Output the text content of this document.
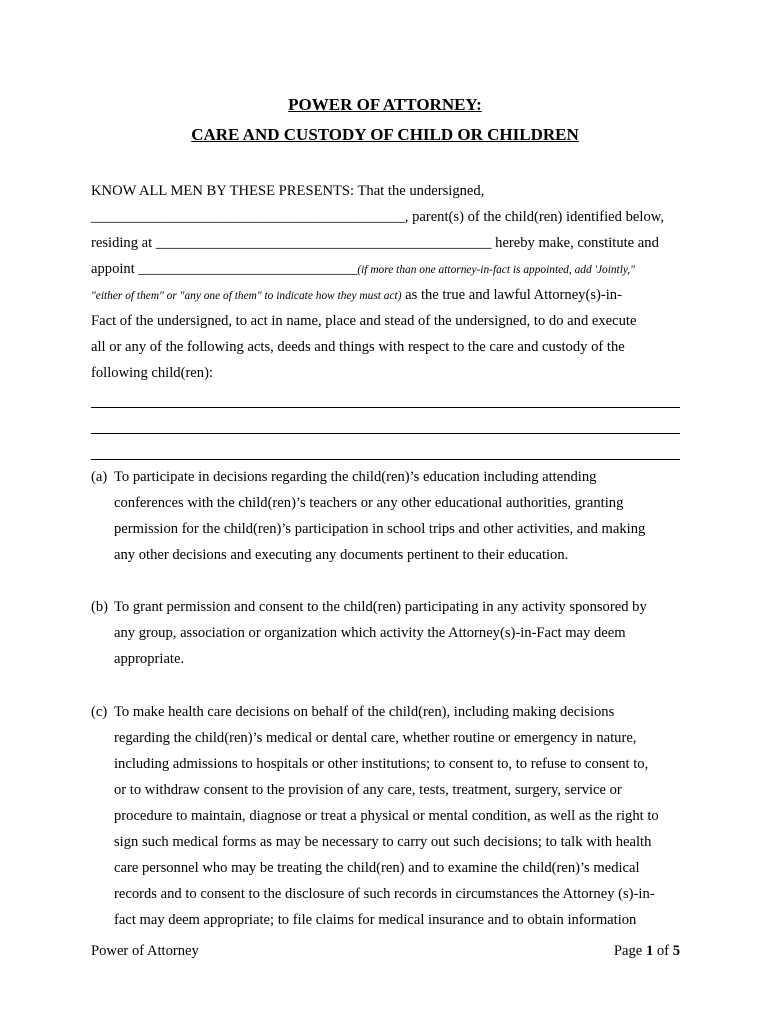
POWER OF ATTORNEY:
CARE AND CUSTODY OF CHILD OR CHILDREN
KNOW ALL MEN BY THESE PRESENTS: That the undersigned,
___________________________________________, parent(s) of the child(ren) identified below,
residing at ______________________________________________ hereby make, constitute and
appoint ______________________________(if more than one attorney-in-fact is appointed, add 'Jointly,"
"either of them" or "any one of them" to indicate how they must act) as the true and lawful Attorney(s)-in-
Fact of the undersigned, to act in name, place and stead of the undersigned, to do and execute
all or any of the following acts, deeds and things with respect to the care and custody of the
following child(ren):
(a) To participate in decisions regarding the child(ren)’s education including attending
conferences with the child(ren)’s teachers or any other educational authorities, granting
permission for the child(ren)’s participation in school trips and other activities, and making
any other decisions and executing any documents pertinent to their education.
(b) To grant permission and consent to the child(ren) participating in any activity sponsored by
any group, association or organization which activity the Attorney(s)-in-Fact may deem
appropriate.
(c) To make health care decisions on behalf of the child(ren), including making decisions
regarding the child(ren)’s medical or dental care, whether routine or emergency in nature,
including admissions to hospitals or other institutions; to consent to, to refuse to consent to,
or to withdraw consent to the provision of any care, tests, treatment, surgery, service or
procedure to maintain, diagnose or treat a physical or mental condition, as well as the right to
sign such medical forms as may be necessary to carry out such decisions; to talk with health
care personnel who may be treating the child(ren) and to examine the child(ren)’s medical
records and to consent to the disclosure of such records in circumstances the Attorney (s)-in-
fact may deem appropriate; to file claims for medical insurance and to obtain information
Power of Attorney	Page 1 of 5
